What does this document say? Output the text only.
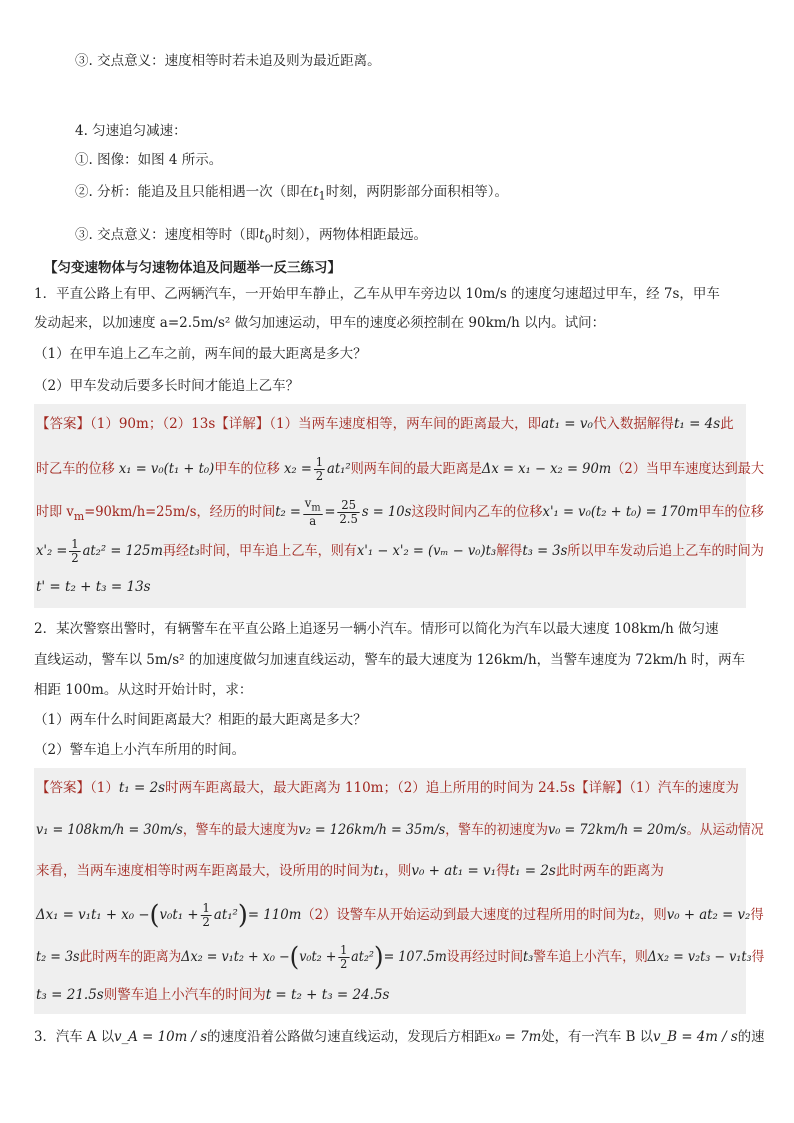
③. 交点意义：速度相等时若未追及则为最近距离。
4. 匀速追匀减速：
①. 图像：如图 4 所示。
②. 分析：能追及且只能相遇一次（即在$t_1$时刻，两阴影部分面积相等）。
③. 交点意义：速度相等时（即$t_0$时刻），两物体相距最远。
【匀变速物体与匀速物体追及问题举一反三练习】
1．平直公路上有甲、乙两辆汽车，一开始甲车静止，乙车从甲车旁边以 10m/s 的速度匀速超过甲车，经 7s，甲车
发动起来，以加速度 a=2.5m/s² 做匀加速运动，甲车的速度必须控制在 90km/h 以内。试问：
（1）在甲车追上乙车之前，两车间的最大距离是多大？
（2）甲车发动后要多长时间才能追上乙车？
【答案】（1）90m；（2）13s【详解】（1）当两车速度相等，两车间的距离最大，即at₁ = v₀代入数据解得t₁ = 4s此
时乙车的位移 x₁ = v₀(t₁ + t₀)甲车的位移 $x_2 = \frac{1}{2} at_1^2$则两车间的最大距离是Δx = x₁ − x₂ = 90m（2）当甲车速度达到最大
时即 $v_m=90km/h=25m/s$，经历的时间$t_2 = \frac{v_m}{a} = \frac{25}{2.5}$ s = 10s这段时间内乙车的位移x'₁ = v₀(t₂ + t₀) = 170m甲车的位移
$x'_2 = \frac{1}{2} at_2^2 = 125m$再经t₃时间，甲车追上乙车，则有x'₁ − x'₂ = (vₘ − v₀)t₃解得t₃ = 3s所以甲车发动后追上乙车的时间为
t' = t₂ + t₃ = 13s
2．某次警察出警时，有辆警车在平直公路上追逐另一辆小汽车。情形可以简化为汽车以最大速度 108km/h 做匀速
直线运动，警车以 5m/s² 的加速度做匀加速直线运动，警车的最大速度为 126km/h，当警车速度为 72km/h 时，两车
相距 100m。从这时开始计时，求：
（1）两车什么时间距离最大？相距的最大距离是多大？
（2）警车追上小汽车所用的时间。
【答案】（1）t₁ = 2s时两车距离最大，最大距离为 110m；（2）追上所用的时间为 24.5s【详解】（1）汽车的速度为
v₁ = 108km/h = 30m/s，警车的最大速度为v₂ = 126km/h = 35m/s，警车的初速度为v₀ = 72km/h = 20m/s。从运动情况
来看，当两车速度相等时两车距离最大，设所用的时间为t₁，则v₀ + at₁ = v₁得t₁ = 2s此时两车的距离为
$\Delta x_1 = v_1t_1 + x_0 -(v_0t_1 + \frac{1}{2} at_1^2)= 110m(2)$设警车从开始运动到最大速度的过程所用的时间为t₂，则v₀ + at₂ = v₂得
t₂ = 3s此时两车的距离为$\Delta x_2 = v_1t_2 + x_0 -(v_0t_2 + \frac{1}{2} at_2^2)= 107.5m$设再经过时间t₃警车追上小汽车，则Δx₂ = v₂t₃ − v₁t₃得
t₃ = 21.5s则警车追上小汽车的时间为t = t₂ + t₃ = 24.5s
3．汽车 A 以v_A = 10m / s的速度沿着公路做匀速直线运动，发现后方相距x₀ = 7m处，有一汽车 B 以v_B = 4m / s的速
